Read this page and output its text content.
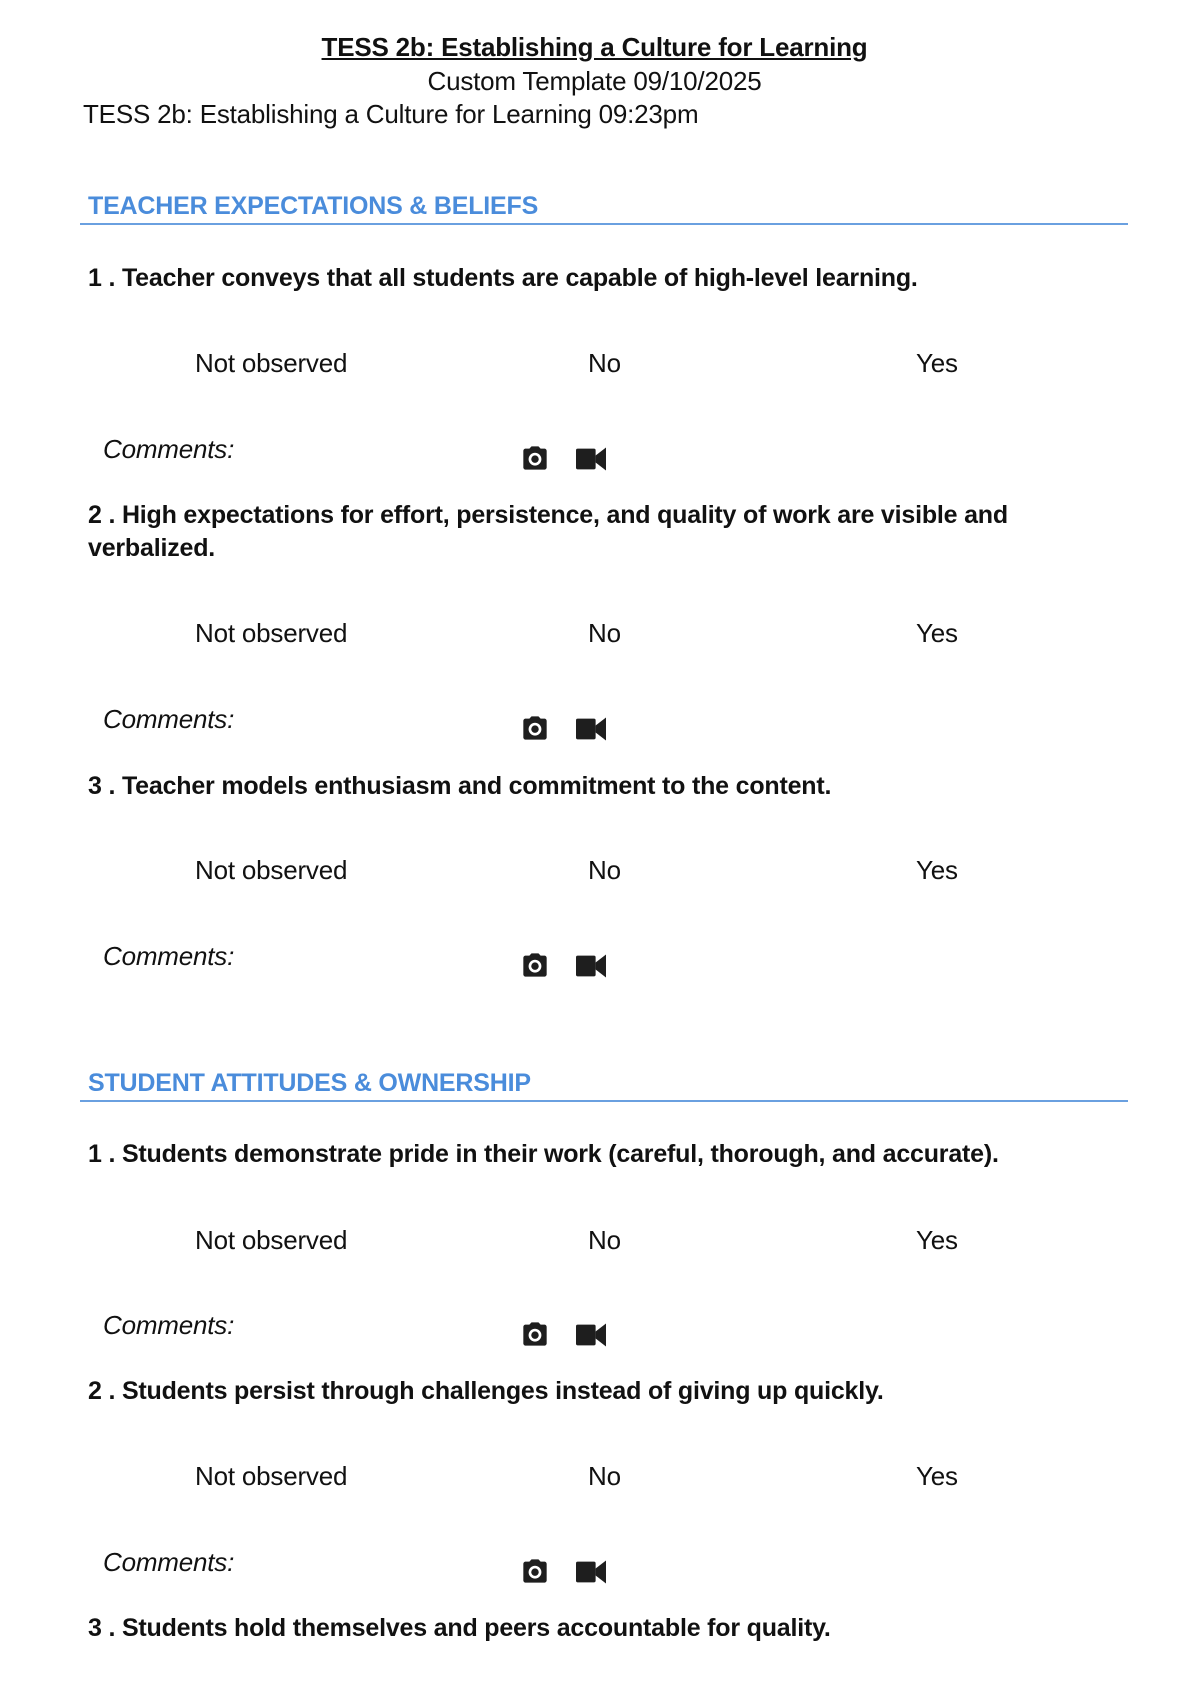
TESS 2b: Establishing a Culture for Learning
Custom Template 09/10/2025
TESS 2b: Establishing a Culture for Learning 09:23pm
TEACHER EXPECTATIONS & BELIEFS
1 . Teacher conveys that all students are capable of high-level learning.
Not observed	No	Yes
Comments:
2 . High expectations for effort, persistence, and quality of work are visible and verbalized.
Not observed	No	Yes
Comments:
3 . Teacher models enthusiasm and commitment to the content.
Not observed	No	Yes
Comments:
STUDENT ATTITUDES & OWNERSHIP
1 . Students demonstrate pride in their work (careful, thorough, and accurate).
Not observed	No	Yes
Comments:
2 . Students persist through challenges instead of giving up quickly.
Not observed	No	Yes
Comments:
3 . Students hold themselves and peers accountable for quality.
